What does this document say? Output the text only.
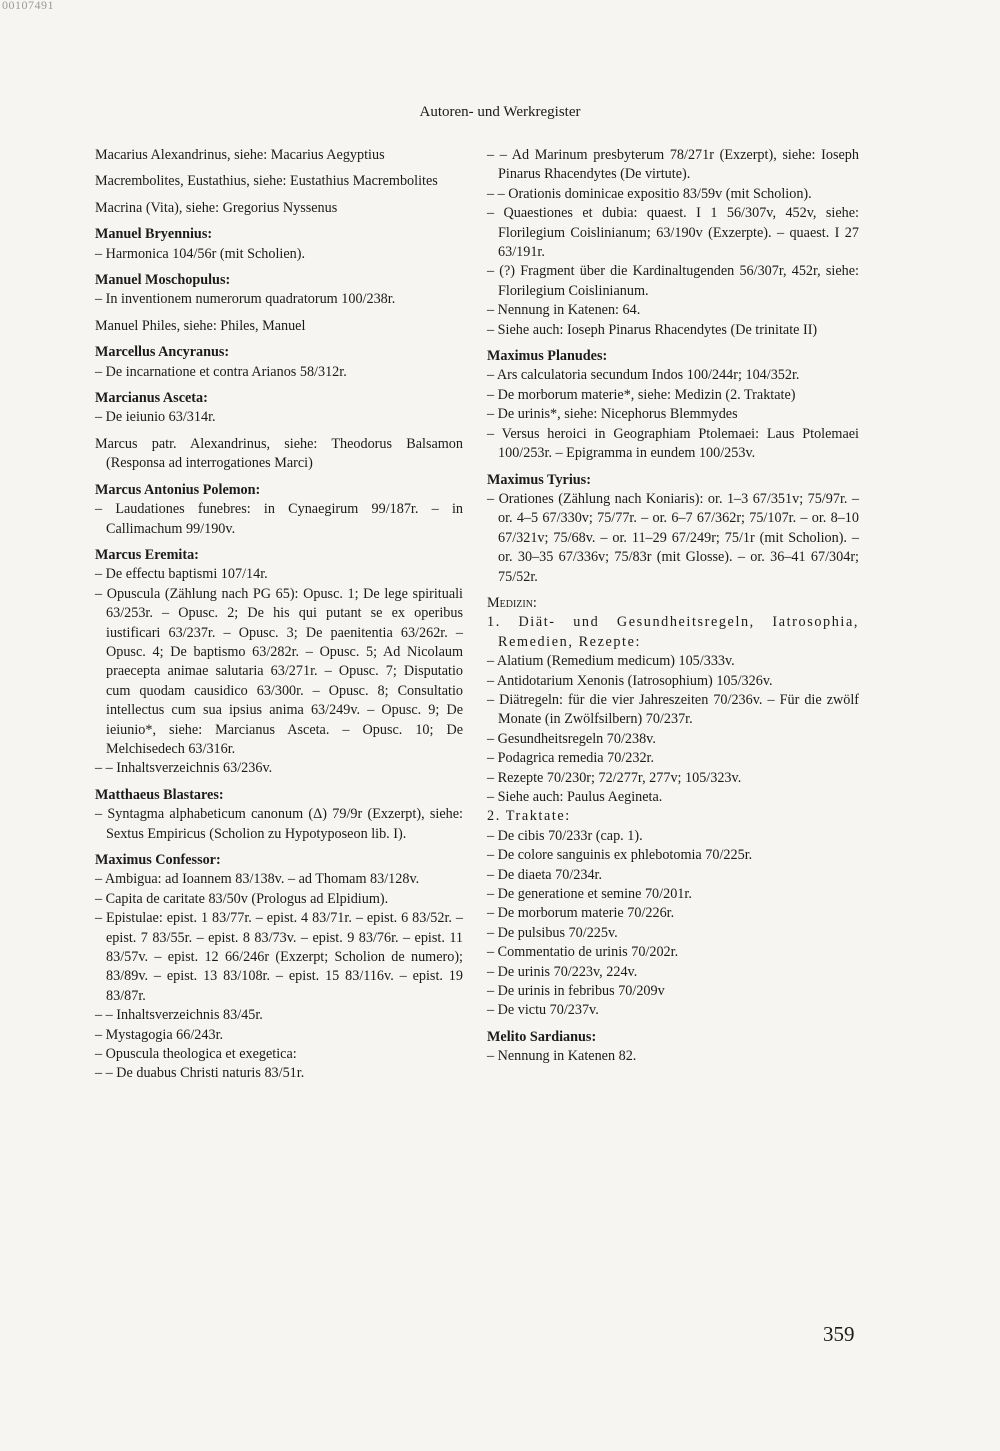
00107491
Autoren- und Werkregister
Macarius Alexandrinus, siehe: Macarius Aegyptius
Macrembolites, Eustathius, siehe: Eustathius Macrembolites
Macrina (Vita), siehe: Gregorius Nyssenus
Manuel Bryennius:
– Harmonica 104/56r (mit Scholien).
Manuel Moschopulus:
– In inventionem numerorum quadratorum 100/238r.
Manuel Philes, siehe: Philes, Manuel
Marcellus Ancyranus:
– De incarnatione et contra Arianos 58/312r.
Marcianus Asceta:
– De ieiunio 63/314r.
Marcus patr. Alexandrinus, siehe: Theodorus Balsamon (Responsa ad interrogationes Marci)
Marcus Antonius Polemon:
– Laudationes funebres: in Cynaegirum 99/187r. – in Callimachum 99/190v.
Marcus Eremita:
– De effectu baptismi 107/14r.
– Opuscula (Zählung nach PG 65): Opusc. 1; De lege spirituali 63/253r. – Opusc. 2; De his qui putant se ex operibus iustificari 63/237r. – Opusc. 3; De paenitentia 63/262r. – Opusc. 4; De baptismo 63/282r. – Opusc. 5; Ad Nicolaum praecepta animae salutaria 63/271r. – Opusc. 7; Disputatio cum quodam causidico 63/300r. – Opusc. 8; Consultatio intellectus cum sua ipsius anima 63/249v. – Opusc. 9; De ieiunio*, siehe: Marcianus Asceta. – Opusc. 10; De Melchisedech 63/316r.
– – Inhaltsverzeichnis 63/236v.
Matthaeus Blastares:
– Syntagma alphabeticum canonum (Δ) 79/9r (Exzerpt), siehe: Sextus Empiricus (Scholion zu Hypotyposeon lib. I).
Maximus Confessor:
– Ambigua: ad Ioannem 83/138v. – ad Thomam 83/128v.
– Capita de caritate 83/50v (Prologus ad Elpidium).
– Epistulae: epist. 1 83/77r. – epist. 4 83/71r. – epist. 6 83/52r. – epist. 7 83/55r. – epist. 8 83/73v. – epist. 9 83/76r. – epist. 11 83/57v. – epist. 12 66/246r (Exzerpt; Scholion de numero); 83/89v. – epist. 13 83/108r. – epist. 15 83/116v. – epist. 19 83/87r.
– – Inhaltsverzeichnis 83/45r.
– Mystagogia 66/243r.
– Opuscula theologica et exegetica:
– – De duabus Christi naturis 83/51r.
– – Ad Marinum presbyterum 78/271r (Exzerpt), siehe: Ioseph Pinarus Rhacendytes (De virtute).
– – Orationis dominicae expositio 83/59v (mit Scholion).
– Quaestiones et dubia: quaest. I 1 56/307v, 452v, siehe: Florilegium Coislinianum; 63/190v (Exzerpte). – quaest. I 27 63/191r.
– (?) Fragment über die Kardinaltugenden 56/307r, 452r, siehe: Florilegium Coislinianum.
– Nennung in Katenen: 64.
– Siehe auch: Ioseph Pinarus Rhacendytes (De trinitate II)
Maximus Planudes:
– Ars calculatoria secundum Indos 100/244r; 104/352r.
– De morborum materie*, siehe: Medizin (2. Traktate)
– De urinis*, siehe: Nicephorus Blemmydes
– Versus heroici in Geographiam Ptolemaei: Laus Ptolemaei 100/253r. – Epigramma in eundem 100/253v.
Maximus Tyrius:
– Orationes (Zählung nach Koniaris): or. 1–3 67/351v; 75/97r. – or. 4–5 67/330v; 75/77r. – or. 6–7 67/362r; 75/107r. – or. 8–10 67/321v; 75/68v. – or. 11–29 67/249r; 75/1r (mit Scholion). – or. 30–35 67/336v; 75/83r (mit Glosse). – or. 36–41 67/304r; 75/52r.
Medizin:
1. Diät- und Gesundheitsregeln, Iatrosophia, Remedien, Rezepte:
– Alatium (Remedium medicum) 105/333v.
– Antidotarium Xenonis (Iatrosophium) 105/326v.
– Diätregeln: für die vier Jahreszeiten 70/236v. – Für die zwölf Monate (in Zwölfsilbern) 70/237r.
– Gesundheitsregeln 70/238v.
– Podagrica remedia 70/232r.
– Rezepte 70/230r; 72/277r, 277v; 105/323v.
– Siehe auch: Paulus Aegineta.
2. Traktate:
– De cibis 70/233r (cap. 1).
– De colore sanguinis ex phlebotomia 70/225r.
– De diaeta 70/234r.
– De generatione et semine 70/201r.
– De morborum materie 70/226r.
– De pulsibus 70/225v.
– Commentatio de urinis 70/202r.
– De urinis 70/223v, 224v.
– De urinis in febribus 70/209v
– De victu 70/237v.
Melito Sardianus:
– Nennung in Katenen 82.
359
